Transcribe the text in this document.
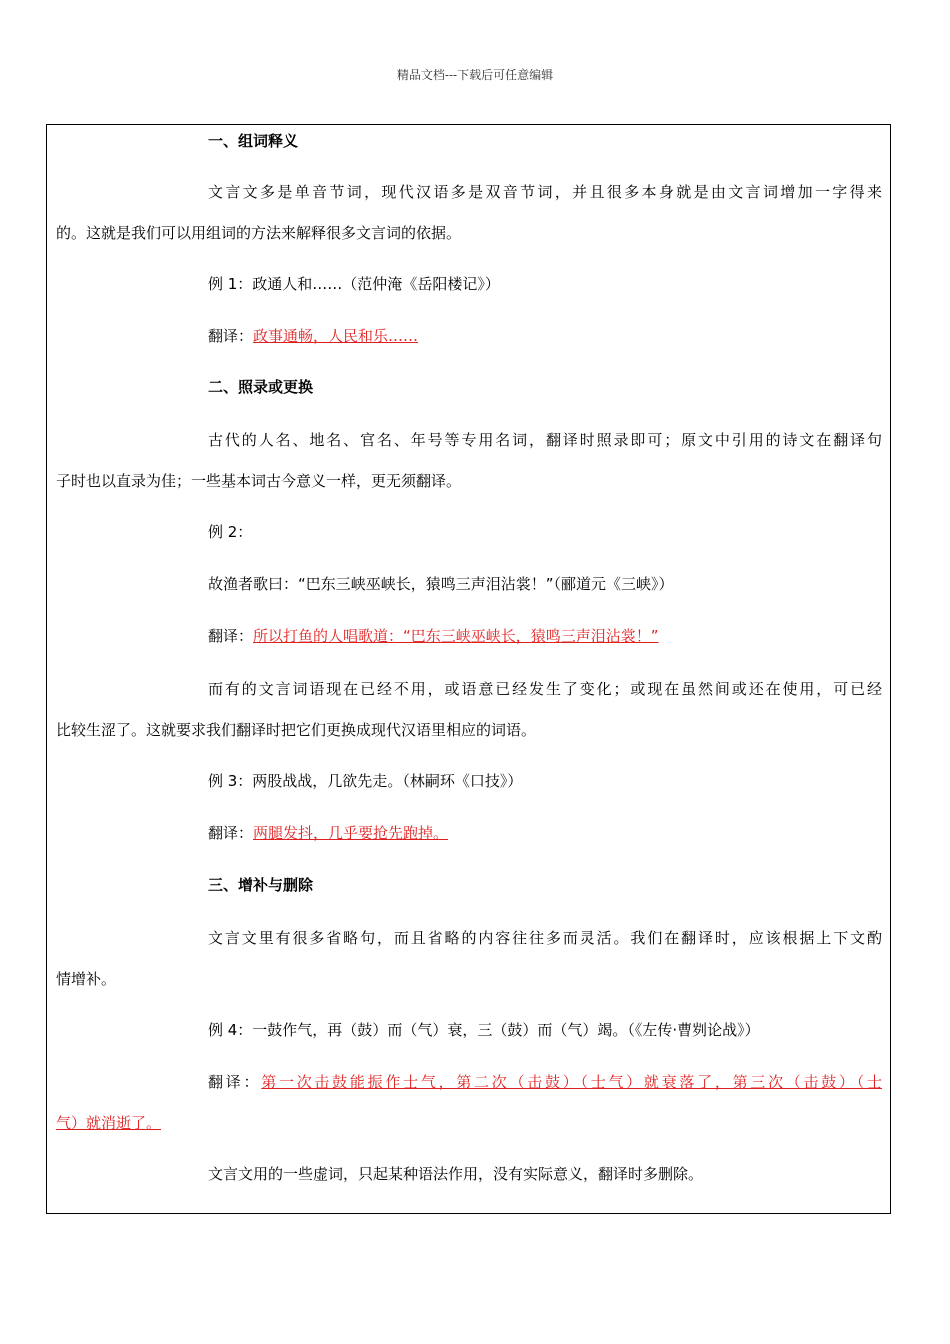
精品文档---下载后可任意编辑
一、组词释义
文言文多是单音节词，现代汉语多是双音节词，并且很多本身就是由文言词增加一字得来
的。这就是我们可以用组词的方法来解释很多文言词的依据。
例 1：政通人和……（范仲淹《岳阳楼记》）
翻译：政事通畅，人民和乐……
二、照录或更换
古代的人名、地名、官名、年号等专用名词，翻译时照录即可；原文中引用的诗文在翻译句
子时也以直录为佳；一些基本词古今意义一样，更无须翻译。
例 2：
故渔者歌曰：“巴东三峡巫峡长，猿鸣三声泪沾裳！”（郦道元《三峡》）
翻译：所以打鱼的人唱歌道：“巴东三峡巫峡长，猿鸣三声泪沾裳！”
而有的文言词语现在已经不用，或语意已经发生了变化；或现在虽然间或还在使用，可已经
比较生涩了。这就要求我们翻译时把它们更换成现代汉语里相应的词语。
例 3：两股战战，几欲先走。（林嗣环《口技》）
翻译：两腿发抖，几乎要抢先跑掉。
三、增补与删除
文言文里有很多省略句，而且省略的内容往往多而灵活。我们在翻译时，应该根据上下文酌
情增补。
例 4：一鼓作气，再（鼓）而（气）衰，三（鼓）而（气）竭。（《左传·曹刿论战》）
翻译：第一次击鼓能振作士气，第二次（击鼓）（士气）就衰落了，第三次（击鼓）（士
气）就消逝了。
文言文用的一些虚词，只起某种语法作用，没有实际意义，翻译时多删除。
